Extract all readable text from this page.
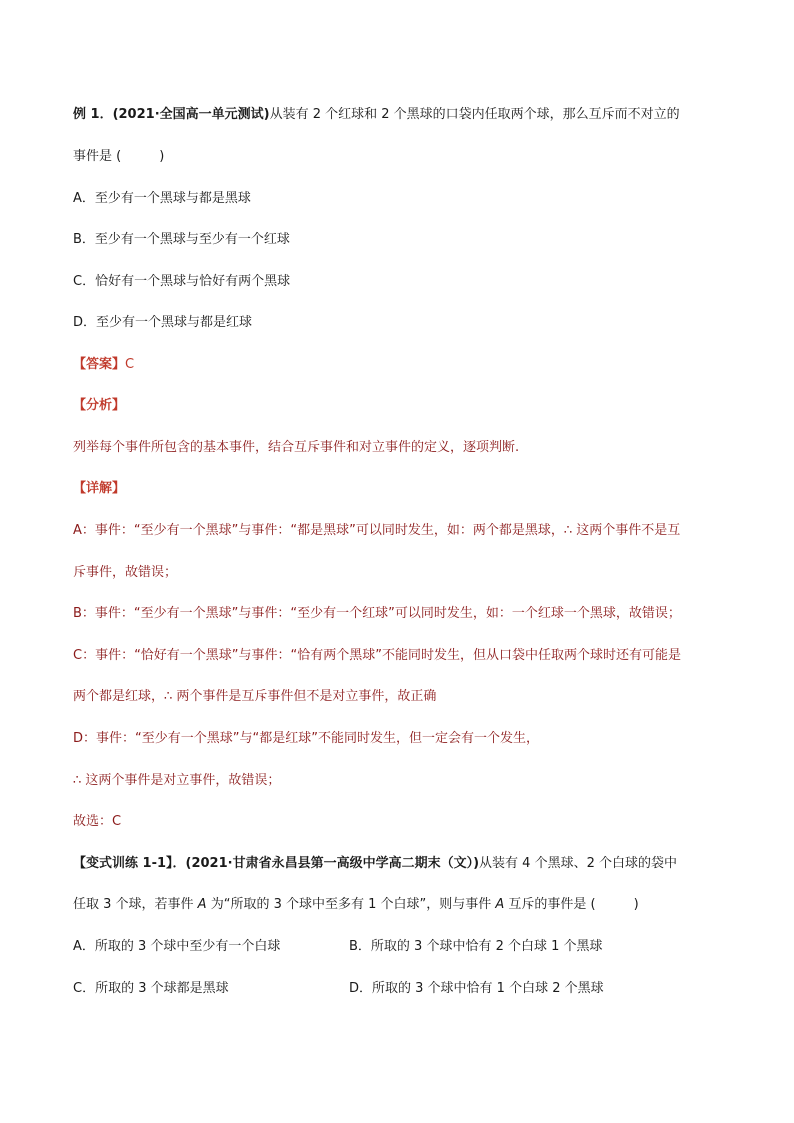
例 1．(2021·全国高一单元测试)从装有 2 个红球和 2 个黑球的口袋内任取两个球，那么互斥而不对立的
事件是 (	)
A．至少有一个黑球与都是黑球
B．至少有一个黑球与至少有一个红球
C．恰好有一个黑球与恰好有两个黑球
D．至少有一个黑球与都是红球
【答案】C
【分析】
列举每个事件所包含的基本事件，结合互斥事件和对立事件的定义，逐项判断.
【详解】
A：事件：“至少有一个黑球”与事件：“都是黑球”可以同时发生，如：两个都是黑球，∴ 这两个事件不是互
斥事件，故错误；
B：事件：“至少有一个黑球”与事件：“至少有一个红球”可以同时发生，如：一个红球一个黑球，故错误；
C：事件：“恰好有一个黑球”与事件：“恰有两个黑球”不能同时发生，但从口袋中任取两个球时还有可能是
两个都是红球，∴ 两个事件是互斥事件但不是对立事件，故正确
D：事件：“至少有一个黑球”与“都是红球”不能同时发生，但一定会有一个发生，
∴ 这两个事件是对立事件，故错误；
故选：C
【变式训练 1-1】．(2021·甘肃省永昌县第一高级中学高二期末（文）)从装有 4 个黑球、2 个白球的袋中
任取 3 个球，若事件 A 为“所取的 3 个球中至多有 1 个白球”，则与事件 A 互斥的事件是 (	)
A．所取的 3 个球中至少有一个白球	B．所取的 3 个球中恰有 2 个白球 1 个黑球
C．所取的 3 个球都是黑球	D．所取的 3 个球中恰有 1 个白球 2 个黑球
